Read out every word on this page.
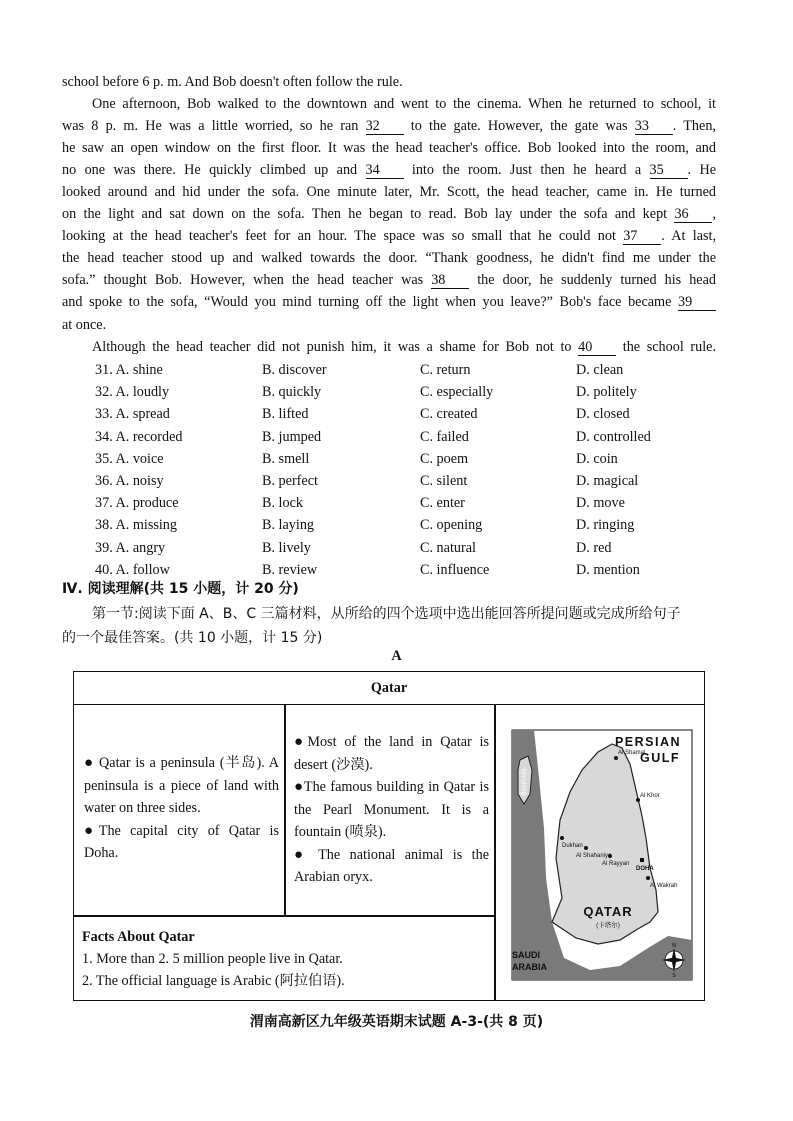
school before 6 p. m. And Bob doesn't often follow the rule.
One afternoon, Bob walked to the downtown and went to the cinema. When he returned to school, it
was 8 p. m. He was a little worried, so he ran 32 to the gate. However, the gate was 33 . Then,
he saw an open window on the first floor. It was the head teacher's office. Bob looked into the room, and
no one was there. He quickly climbed up and 34 into the room. Just then he heard a 35 . He
looked around and hid under the sofa. One minute later, Mr. Scott, the head teacher, came in. He turned
on the light and sat down on the sofa. Then he began to read. Bob lay under the sofa and kept 36 ,
looking at the head teacher's feet for an hour. The space was so small that he could not 37 . At last,
the head teacher stood up and walked towards the door. “Thank goodness, he didn't find me under the
sofa.” thought Bob. However, when the head teacher was 38 the door, he suddenly turned his head
and spoke to the sofa, “Would you mind turning off the light when you leave?” Bob's face became 39
at once.
Although the head teacher did not punish him, it was a shame for Bob not to 40 the school rule.
31. A. shine	B. discover	C. return	D. clean
32. A. loudly	B. quickly	C. especially	D. politely
33. A. spread	B. lifted	C. created	D. closed
34. A. recorded	B. jumped	C. failed	D. controlled
35. A. voice	B. smell	C. poem	D. coin
36. A. noisy	B. perfect	C. silent	D. magical
37. A. produce	B. lock	C. enter	D. move
38. A. missing	B. laying	C. opening	D. ringing
39. A. angry	B. lively	C. natural	D. red
40. A. follow	B. review	C. influence	D. mention
Ⅳ. 阅读理解(共 15 小题，计 20 分)
第一节:阅读下面 A、B、C 三篇材料，从所给的四个选项中选出能回答所提问题或完成所给句子
的一个最佳答案。(共 10 小题，计 15 分)
A
Qatar
● Qatar is a peninsula (半岛). A peninsula is a piece of land with water on three sides.
●The capital city of Qatar is Doha.
●Most of the land in Qatar is desert (沙漠).
●The famous building in Qatar is the Pearl Monument. It is a fountain (喷泉).
● The national animal is the Arabian oryx.
Facts About Qatar
1. More than 2. 5 million people live in Qatar.
2. The official language is Arabic (阿拉伯语).
PERSIAN
GULF
BAHRAIN
Al Shamal
Al Khor
Dukhan
Al Shahaniya
Al Rayyan
DOHA
Al Wakrah
QATAR
(卡塔尔)
SAUDI
ARABIA
N
S
渭南高新区九年级英语期末试题 A-3-(共 8 页)
